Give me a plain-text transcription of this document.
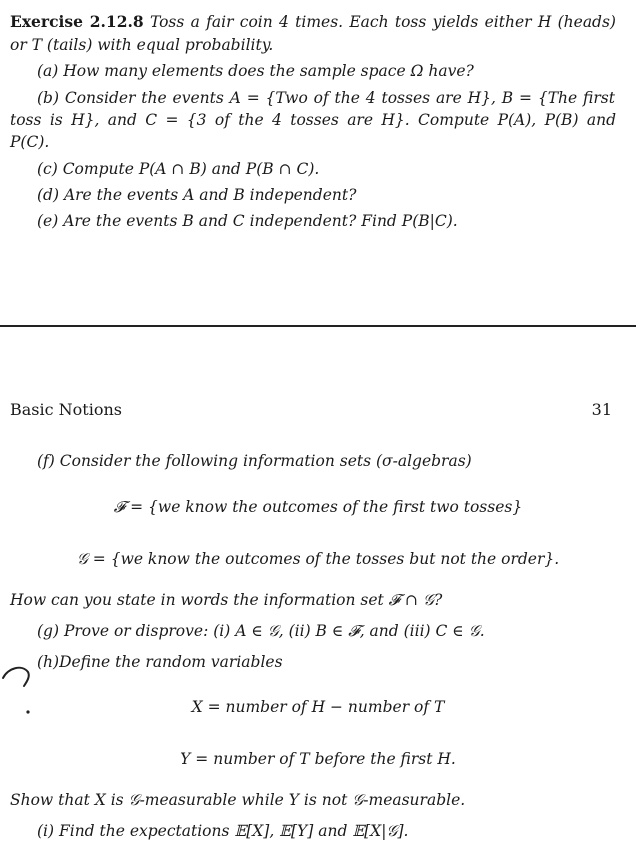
Exercise 2.12.8 Toss a fair coin 4 times. Each toss yields either H (heads)
or T (tails) with equal probability.
(a) How many elements does the sample space Ω have?
(b) Consider the events A = {Two of the 4 tosses are H}, B = {The first
toss is H}, and C = {3 of the 4 tosses are H}. Compute P(A), P(B) and
P(C).
(c) Compute P(A ∩ B) and P(B ∩ C).
(d) Are the events A and B independent?
(e) Are the events B and C independent? Find P(B|C).
Basic Notions	31
(f) Consider the following information sets (σ-algebras)
𝓕 = {we know the outcomes of the first two tosses}
𝒢 = {we know the outcomes of the tosses but not the order}.
How can you state in words the information set 𝓕 ∩ 𝒢?
(g) Prove or disprove: (i) A ∈ 𝒢, (ii) B ∈ 𝓕, and (iii) C ∈ 𝒢.
(h)Define the random variables
X = number of H − number of T
Y = number of T before the first H.
Show that X is 𝒢-measurable while Y is not 𝒢-measurable.
(i) Find the expectations 𝔼[X], 𝔼[Y] and 𝔼[X|𝒢].
